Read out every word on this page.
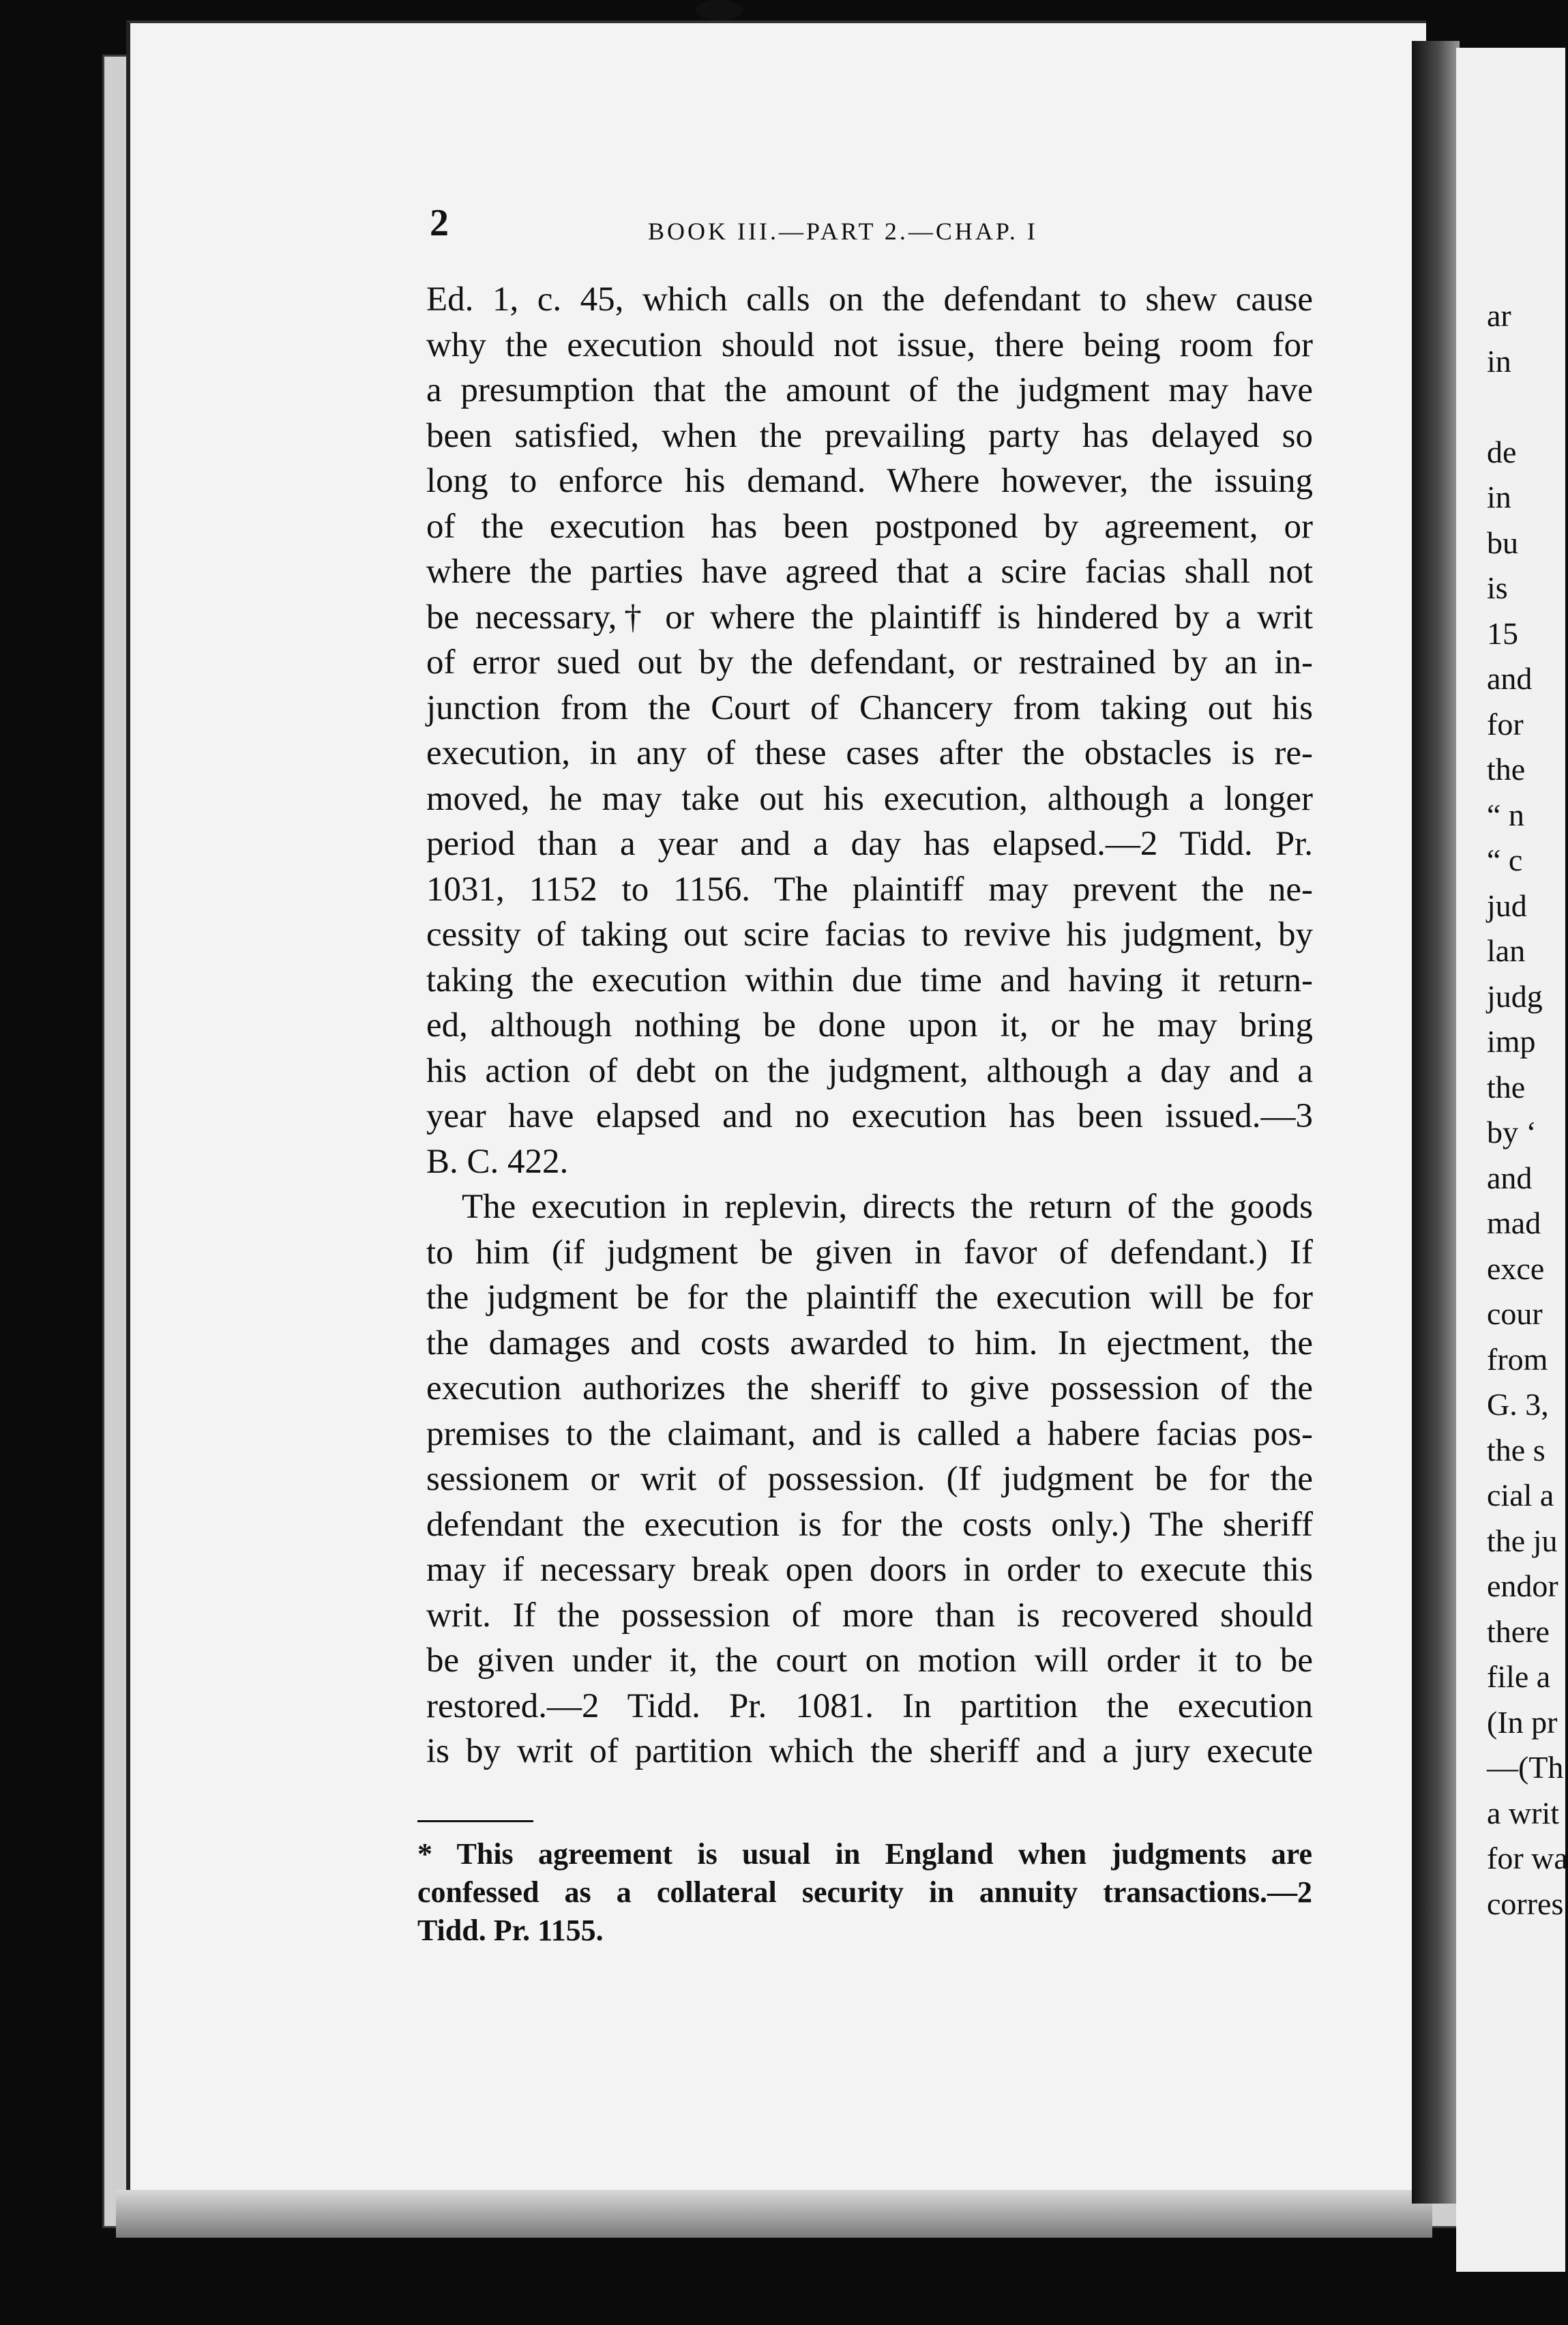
2	BOOK III.—PART 2.—CHAP. I
Ed. 1, c. 45, which calls on the defendant to shew cause
why the execution should not issue, there being room for
a presumption that the amount of the judgment may have
been satisfied, when the prevailing party has delayed so
long to enforce his demand. Where however, the issuing
of the execution has been postponed by agreement, or
where the parties have agreed that a scire facias shall not
be necessary,† or where the plaintiff is hindered by a writ
of error sued out by the defendant, or restrained by an in-
junction from the Court of Chancery from taking out his
execution, in any of these cases after the obstacles is re-
moved, he may take out his execution, although a longer
period than a year and a day has elapsed.—2 Tidd. Pr.
1031, 1152 to 1156. The plaintiff may prevent the ne-
cessity of taking out scire facias to revive his judgment, by
taking the execution within due time and having it return-
ed, although nothing be done upon it, or he may bring
his action of debt on the judgment, although a day and a
year have elapsed and no execution has been issued.—3
B. C. 422.
The execution in replevin, directs the return of the goods
to him (if judgment be given in favor of defendant.) If
the judgment be for the plaintiff the execution will be for
the damages and costs awarded to him. In ejectment, the
execution authorizes the sheriff to give possession of the
premises to the claimant, and is called a habere facias pos-
sessionem or writ of possession. (If judgment be for the
defendant the execution is for the costs only.) The sheriff
may if necessary break open doors in order to execute this
writ. If the possession of more than is recovered should
be given under it, the court on motion will order it to be
restored.—2 Tidd. Pr. 1081. In partition the execution
is by writ of partition which the sheriff and a jury execute
* This agreement is usual in England when judgments are
confessed as a collateral security in annuity transactions.—2
Tidd. Pr. 1155.
ar
in
de
in
bu
is
15
and
for
the
“ n
“ c
jud
lan
judg
imp
the
by ‘
and
mad
exce
cour
from
G. 3,
the s
cial a
the ju
endor
there
file a
(In pr
—(Th
a writ
for wa
corres
